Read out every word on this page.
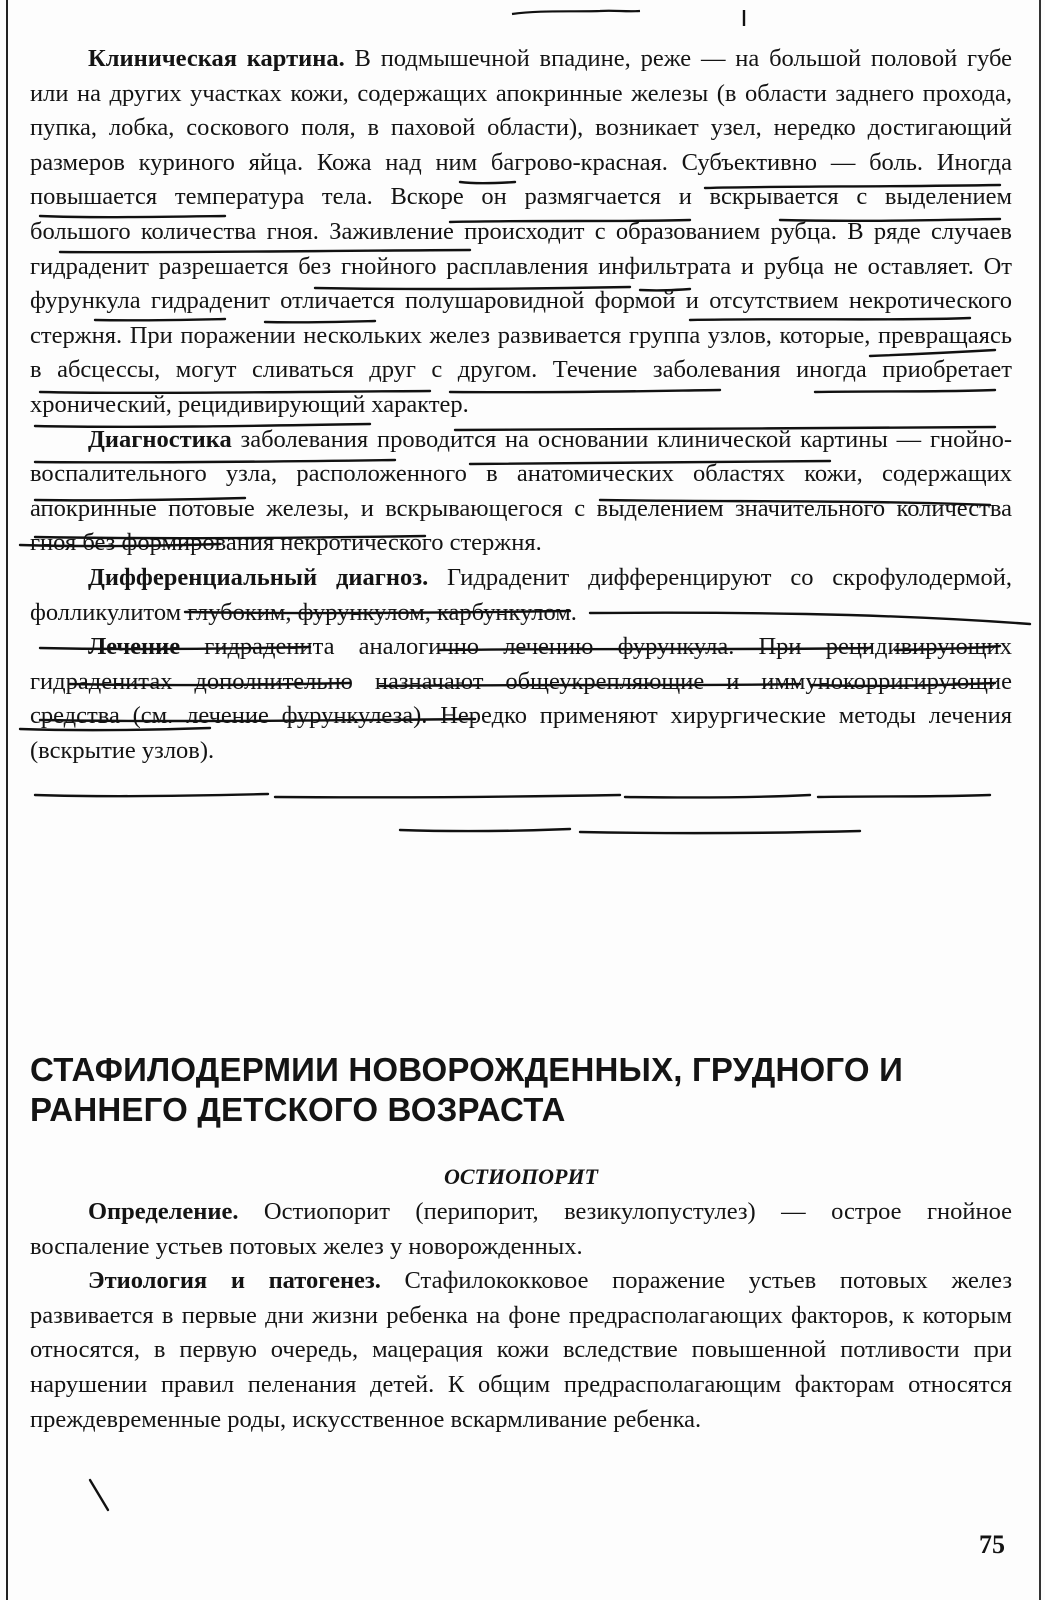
Клиническая картина. В подмышечной впадине, реже — на большой половой губе или на других участках кожи, содержащих апокринные железы (в области заднего прохода, пупка, лобка, соскового поля, в паховой области), возникает узел, нередко достигающий размеров куриного яйца. Кожа над ним багрово-красная. Субъективно — боль. Иногда повышается температура тела. Вскоре он размягчается и вскрывается с выделением большого количества гноя. Заживление происходит с образованием рубца. В ряде случаев гидраденит разрешается без гнойного расплавления инфильтрата и рубца не оставляет. От фурункула гидраденит отличается полушаровидной формой и отсутствием некротического стержня. При поражении нескольких желез развивается группа узлов, которые, превращаясь в абсцессы, могут сливаться друг с другом. Течение заболевания иногда приобретает хронический, рецидивирующий характер.

Диагностика заболевания проводится на основании клинической картины — гнойно-воспалительного узла, расположенного в анатомических областях кожи, содержащих апокринные потовые железы, и вскрывающегося с выделением значительного количества гноя без формирования некротического стержня.

Дифференциальный диагноз. Гидраденит дифференцируют со скрофулодермой, фолликулитом глубоким, фурункулом, карбункулом.

Лечение гидраденита аналогично лечению фурункула. При рецидивирующих гидраденитах дополнительно назначают общеукрепляющие и иммунокорригирующие средства (см. лечение фурункулеза). Нередко применяют хирургические методы лечения (вскрытие узлов).

СТАФИЛОДЕРМИИ НОВОРОЖДЕННЫХ, ГРУДНОГО И РАННЕГО ДЕТСКОГО ВОЗРАСТА
ОСТИОПОРИТ

Определение. Остиопорит (перипорит, везикулопустулез) — острое гнойное воспаление устьев потовых желез у новорожденных.

Этиология и патогенез. Стафилококковое поражение устьев потовых желез развивается в первые дни жизни ребенка на фоне предрасполагающих факторов, к которым относятся, в первую очередь, мацерация кожи вследствие повышенной потливости при нарушении правил пеленания детей. К общим предрасполагающим факторам относятся преждевременные роды, искусственное вскармливание ребенка.

75
